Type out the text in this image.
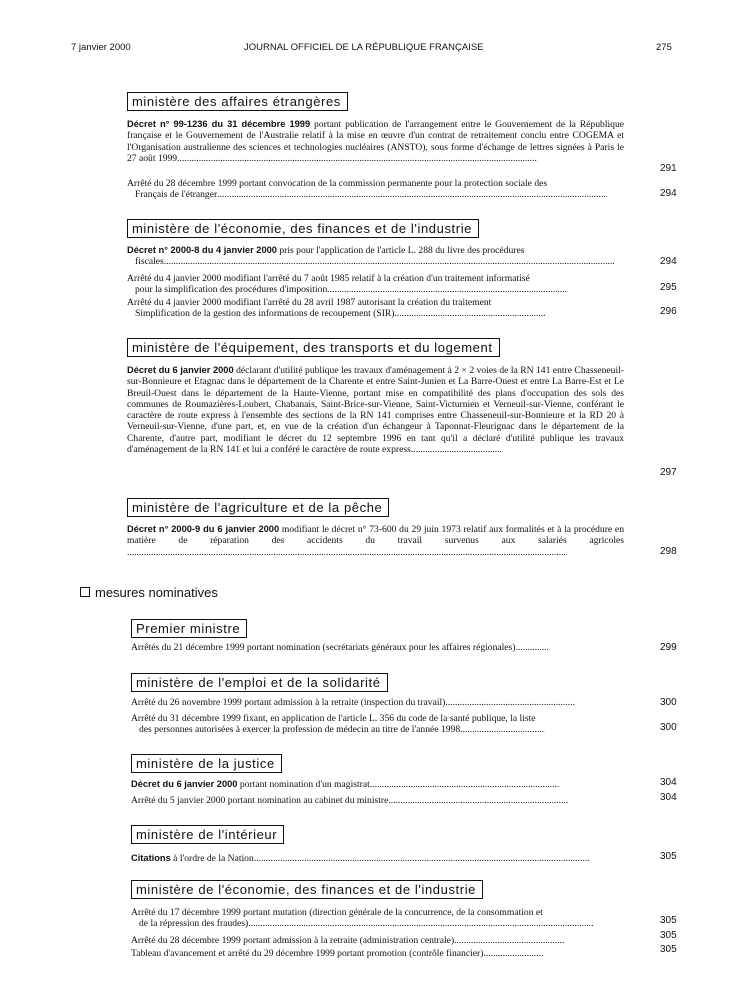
7 janvier 2000	JOURNAL OFFICIEL DE LA RÉPUBLIQUE FRANÇAISE	275
ministère des affaires étrangères

Décret n° 99-1236 du 31 décembre 1999 portant publication de l'arrangement entre le Gouvernement de la République française et le Gouvernement de l'Australie relatif à la mise en œuvre d'un contrat de retraitement conclu entre COGEMA et l'Organisation australienne des sciences et technologies nucléaires (ANSTO), sous forme d'échange de lettres signées à Paris le 27 août 1999.....

291

Arrêté du 28 décembre 1999 portant convocation de la commission permanente pour la protection sociale des
Français de l'étranger .....	294
ministère de l'économie, des finances et de l'industrie

Décret n° 2000-8 du 4 janvier 2000 pris pour l'application de l'article L. 288 du livre des procédures
fiscales .....	294

Arrêté du 4 janvier 2000 modifiant l'arrêté du 7 août 1985 relatif à la création d'un traitement informatisé
pour la simplification des procédures d'imposition .....	295

Arrêté du 4 janvier 2000 modifiant l'arrêté du 28 avril 1987 autorisant la création du traitement
Simplification de la gestion des informations de recoupement (SIR) .....	296
ministère de l'équipement, des transports et du logement

Décret du 6 janvier 2000 déclarant d'utilité publique les travaux d'aménagement à 2 × 2 voies de la RN 141 entre Chasseneuil-sur-Bonnieure et Etagnac dans le département de la Charente et entre Saint-Junien et La Barre-Ouest et entre La Barre-Est et Le Breuil-Ouest dans le département de la Haute-Vienne, portant mise en compatibilité des plans d'occupation des sols des communes de Roumazières-Loubert, Chabanais, Saint-Brice-sur-Vienne, Saint-Victurnien et Verneuil-sur-Vienne, conférant le caractère de route express à l'ensemble des sections de la RN 141 comprises entre Chasseneuil-sur-Bonnieure et la RD 20 à Verneuil-sur-Vienne, d'une part, et, en vue de la création d'un échangeur à Taponnat-Fleurignac dans le département de la Charente, d'autre part, modifiant le décret du 12 septembre 1996 en tant qu'il a déclaré d'utilité publique les travaux d'aménagement de la RN 141 et lui a conféré le caractère de route express.....

297
ministère de l'agriculture et de la pêche

Décret n° 2000-9 du 6 janvier 2000 modifiant le décret n° 73-600 du 29 juin 1973 relatif aux formalités et à la procédure en matière de réparation des accidents du travail survenus aux salariés agricoles.....

298
mesures nominatives
Premier ministre

Arrêtés du 21 décembre 1999 portant nomination (secrétariats généraux pour les affaires régionales) .....	299
ministère de l'emploi et de la solidarité

Arrêté du 26 novembre 1999 portant admission à la retraite (inspection du travail) .....	300

Arrêté du 31 décembre 1999 fixant, en application de l'article L. 356 du code de la santé publique, la liste
des personnes autorisées à exercer la profession de médecin au titre de l'année 1998 .....	300
ministère de la justice

Décret du 6 janvier 2000 portant nomination d'un magistrat .....	304

Arrêté du 5 janvier 2000 portant nomination au cabinet du ministre .....	304
ministère de l'intérieur

Citations à l'ordre de la Nation .....	305
ministère de l'économie, des finances et de l'industrie

Arrêté du 17 décembre 1999 portant mutation (direction générale de la concurrence, de la consommation et
de la répression des fraudes) .....	305

Arrêté du 28 décembre 1999 portant admission à la retraite (administration centrale) .....	305

Tableau d'avancement et arrêté du 29 décembre 1999 portant promotion (contrôle financier) .....	305
